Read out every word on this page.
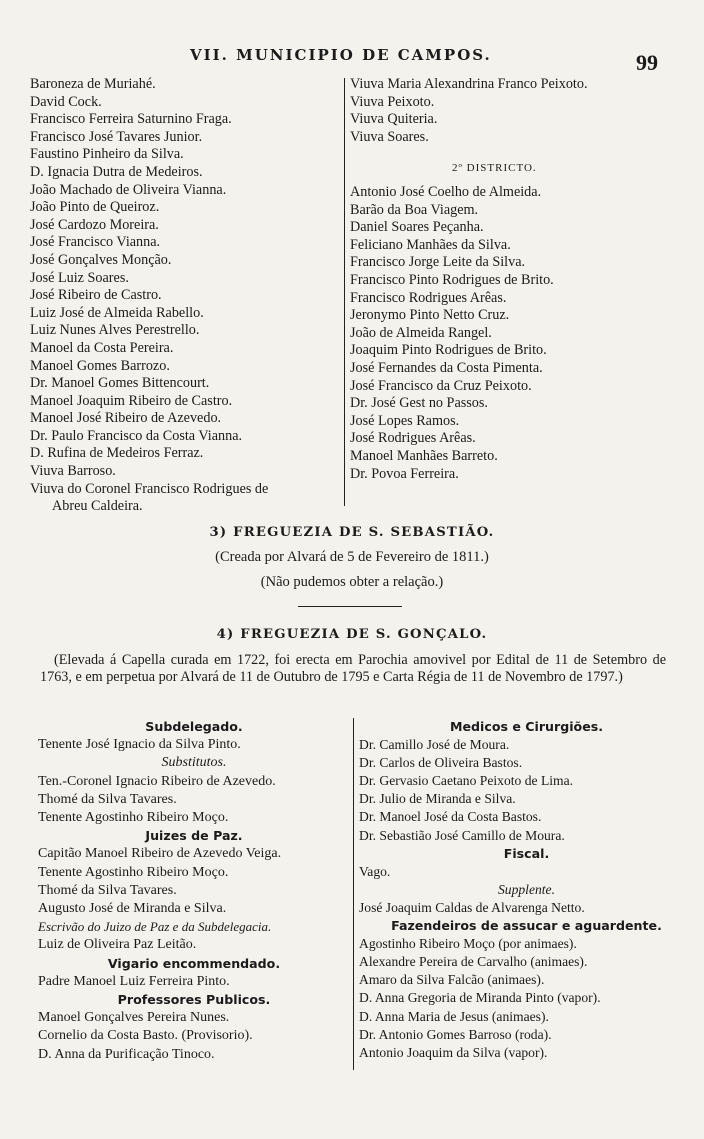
VII. MUNICIPIO DE CAMPOS.	99
Baroneza de Muriahé.
David Cock.
Francisco Ferreira Saturnino Fraga.
Francisco José Tavares Junior.
Faustino Pinheiro da Silva.
D. Ignacia Dutra de Medeiros.
João Machado de Oliveira Vianna.
João Pinto de Queiroz.
José Cardozo Moreira.
José Francisco Vianna.
José Gonçalves Monção.
José Luiz Soares.
José Ribeiro de Castro.
Luiz José de Almeida Rabello.
Luiz Nunes Alves Perestrello.
Manoel da Costa Pereira.
Manoel Gomes Barrozo.
Dr. Manoel Gomes Bittencourt.
Manoel Joaquim Ribeiro de Castro.
Manoel José Ribeiro de Azevedo.
Dr. Paulo Francisco da Costa Vianna.
D. Rufina de Medeiros Ferraz.
Viuva Barroso.
Viuva do Coronel Francisco Rodrigues de
Abreu Caldeira.
Viuva Maria Alexandrina Franco Peixoto.
Viuva Peixoto.
Viuva Quiteria.
Viuva Soares.
2º DISTRICTO.
Antonio José Coelho de Almeida.
Barão da Boa Viagem.
Daniel Soares Peçanha.
Feliciano Manhães da Silva.
Francisco Jorge Leite da Silva.
Francisco Pinto Rodrigues de Brito.
Francisco Rodrigues Arêas.
Jeronymo Pinto Netto Cruz.
João de Almeida Rangel.
Joaquim Pinto Rodrigues de Brito.
José Fernandes da Costa Pimenta.
José Francisco da Cruz Peixoto.
Dr. José Gest no Passos.
José Lopes Ramos.
José Rodrigues Arêas.
Manoel Manhães Barreto.
Dr. Povoa Ferreira.
3) FREGUEZIA DE S. SEBASTIÃO.
(Creada por Alvará de 5 de Fevereiro de 1811.)
(Não pudemos obter a relação.)
4) FREGUEZIA DE S. GONÇALO.
(Elevada á Capella curada em 1722, foi erecta em Parochia amovivel por Edital de 11 de Setembro de 1763, e em perpetua por Alvará de 11 de Outubro de 1795 e Carta Régia de 11 de Novembro de 1797.)
Subdelegado.
Tenente José Ignacio da Silva Pinto.
Substitutos.
Ten.-Coronel Ignacio Ribeiro de Azevedo.
Thomé da Silva Tavares.
Tenente Agostinho Ribeiro Moço.
Juizes de Paz.
Capitão Manoel Ribeiro de Azevedo Veiga.
Tenente Agostinho Ribeiro Moço.
Thomé da Silva Tavares.
Augusto José de Miranda e Silva.
Escrivão do Juizo de Paz e da Subdelegacia.
Luiz de Oliveira Paz Leitão.
Vigario encommendado.
Padre Manoel Luiz Ferreira Pinto.
Professores Publicos.
Manoel Gonçalves Pereira Nunes.
Cornelio da Costa Basto. (Provisorio).
D. Anna da Purificação Tinoco.
Medicos e Cirurgiões.
Dr. Camillo José de Moura.
Dr. Carlos de Oliveira Bastos.
Dr. Gervasio Caetano Peixoto de Lima.
Dr. Julio de Miranda e Silva.
Dr. Manoel José da Costa Bastos.
Dr. Sebastião José Camillo de Moura.
Fiscal.
Vago.
Supplente.
José Joaquim Caldas de Alvarenga Netto.
Fazendeiros de assucar e aguardente.
Agostinho Ribeiro Moço (por animaes).
Alexandre Pereira de Carvalho (animaes).
Amaro da Silva Falcão (animaes).
D. Anna Gregoria de Miranda Pinto (vapor).
D. Anna Maria de Jesus (animaes).
Dr. Antonio Gomes Barroso (roda).
Antonio Joaquim da Silva (vapor).
